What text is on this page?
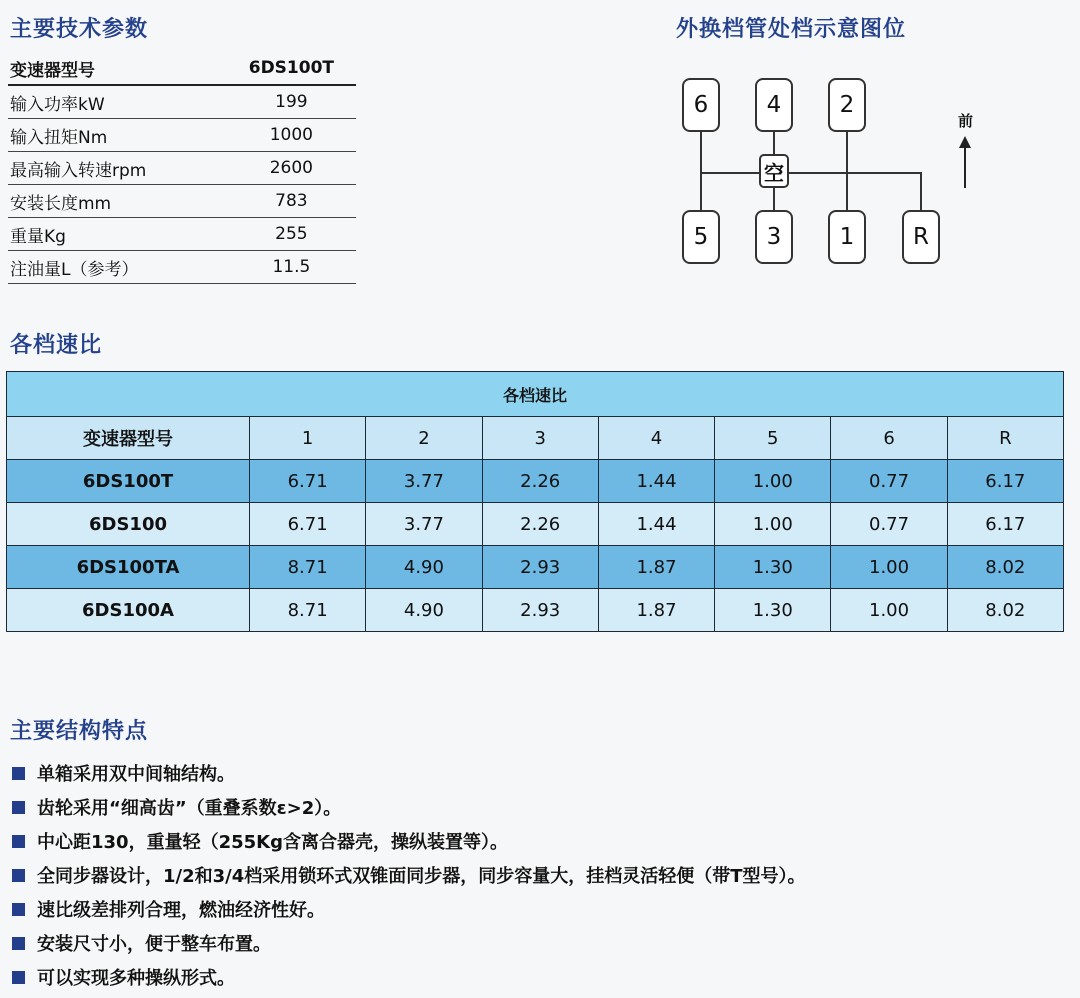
主要技术参数
变速器型号	6DS100T
输入功率kW	199
输入扭矩Nm	1000
最高输入转速rpm	2600
安装长度mm	783
重量Kg	255
注油量L（参考）	11.5
外换档管处档示意图位
6	4	2
空
5	3	1	R
前
各档速比
各档速比							
变速器型号	1	2	3	4	5	6	R
6DS100T	6.71	3.77	2.26	1.44	1.00	0.77	6.17
6DS100	6.71	3.77	2.26	1.44	1.00	0.77	6.17
6DS100TA	8.71	4.90	2.93	1.87	1.30	1.00	8.02
6DS100A	8.71	4.90	2.93	1.87	1.30	1.00	8.02
主要结构特点
单箱采用双中间轴结构。
齿轮采用“细高齿”（重叠系数ε>2）。
中心距130，重量轻（255Kg含离合器壳，操纵装置等）。
全同步器设计，1/2和3/4档采用锁环式双锥面同步器，同步容量大，挂档灵活轻便（带T型号）。
速比级差排列合理，燃油经济性好。
安装尺寸小，便于整车布置。
可以实现多种操纵形式。
